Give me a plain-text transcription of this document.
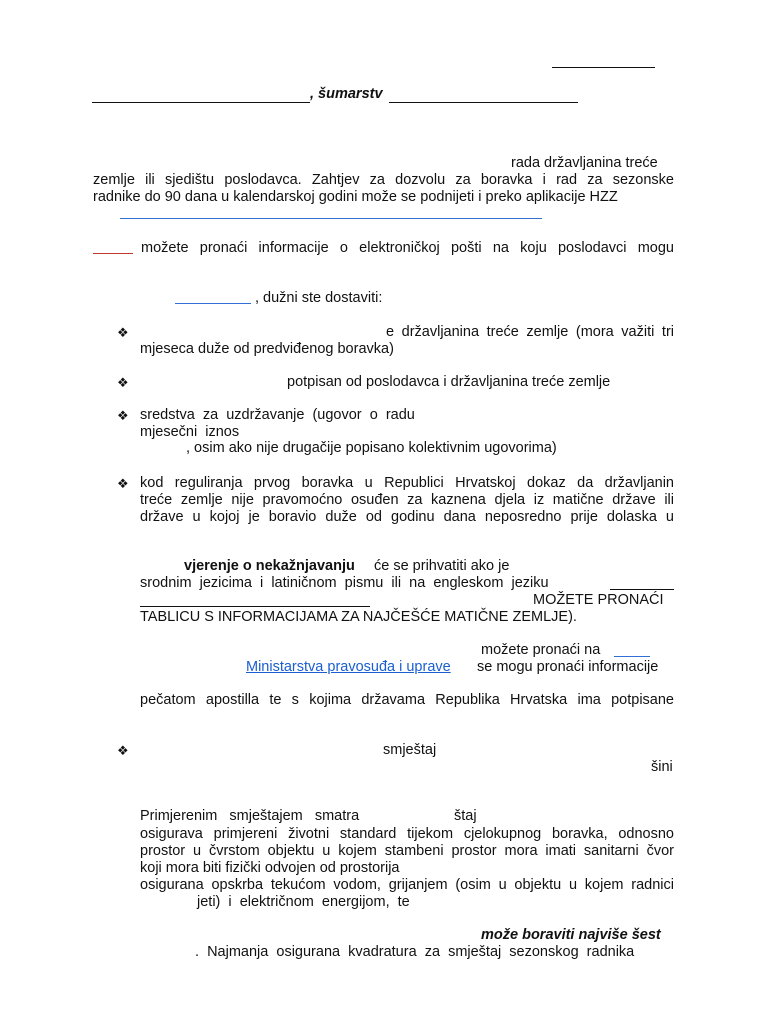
, šumarstv
rada državljanina treće
zemlje ili sjedištu poslodavca. Zahtjev za dozvolu za boravka i rad za sezonske
radnike do 90 dana u kalendarskoj godini može se podnijeti i preko aplikacije HZZ
možete pronaći informacije o elektroničkoj pošti na koju poslodavci mogu
, dužni ste dostaviti:
❖	e državljanina treće zemlje (mora važiti tri
mjeseca duže od predviđenog boravka)
❖	potpisan od poslodavca i državljanina treće zemlje
❖ sredstva  za  uzdržavanje  (ugovor  o  radu
mjesečni  iznos
, osim ako nije drugačije popisano kolektivnim ugovorima)
❖ kod reguliranja prvog boravka u Republici Hrvatskoj dokaz da državljanin
treće zemlje nije pravomoćno osuđen za kaznena djela iz matične države ili
države u kojoj je boravio duže od godinu dana neposredno prije dolaska u
vjerenje o nekažnjavanju će se prihvatiti ako je
srodnim  jezicima  i  latiničnom  pismu  ili  na  engleskom  jeziku
MOŽETE PRONAĆI
TABLICU S INFORMACIJAMA ZA NAJČEŠĆE MATIČNE ZEMLJE).
možete pronaći na
Ministarstva pravosuđa i uprave se mogu pronaći informacije
pečatom apostilla te s kojima državama Republika Hrvatska ima potpisane
❖	smještaj
šini
Primjerenim   smještajem   smatra	štaj
osigurava primjereni životni standard tijekom cjelokupnog boravka, odnosno
prostor u čvrstom objektu u kojem stambeni prostor mora imati sanitarni čvor
koji mora biti fizički odvojen od prostorija
osigurana opskrba tekućom vodom, grijanjem (osim u objektu u kojem radnici
jeti)  i  električnom  energijom,  te
može boraviti najviše šest
.  Najmanja  osigurana  kvadratura  za  smještaj  sezonskog  radnika
